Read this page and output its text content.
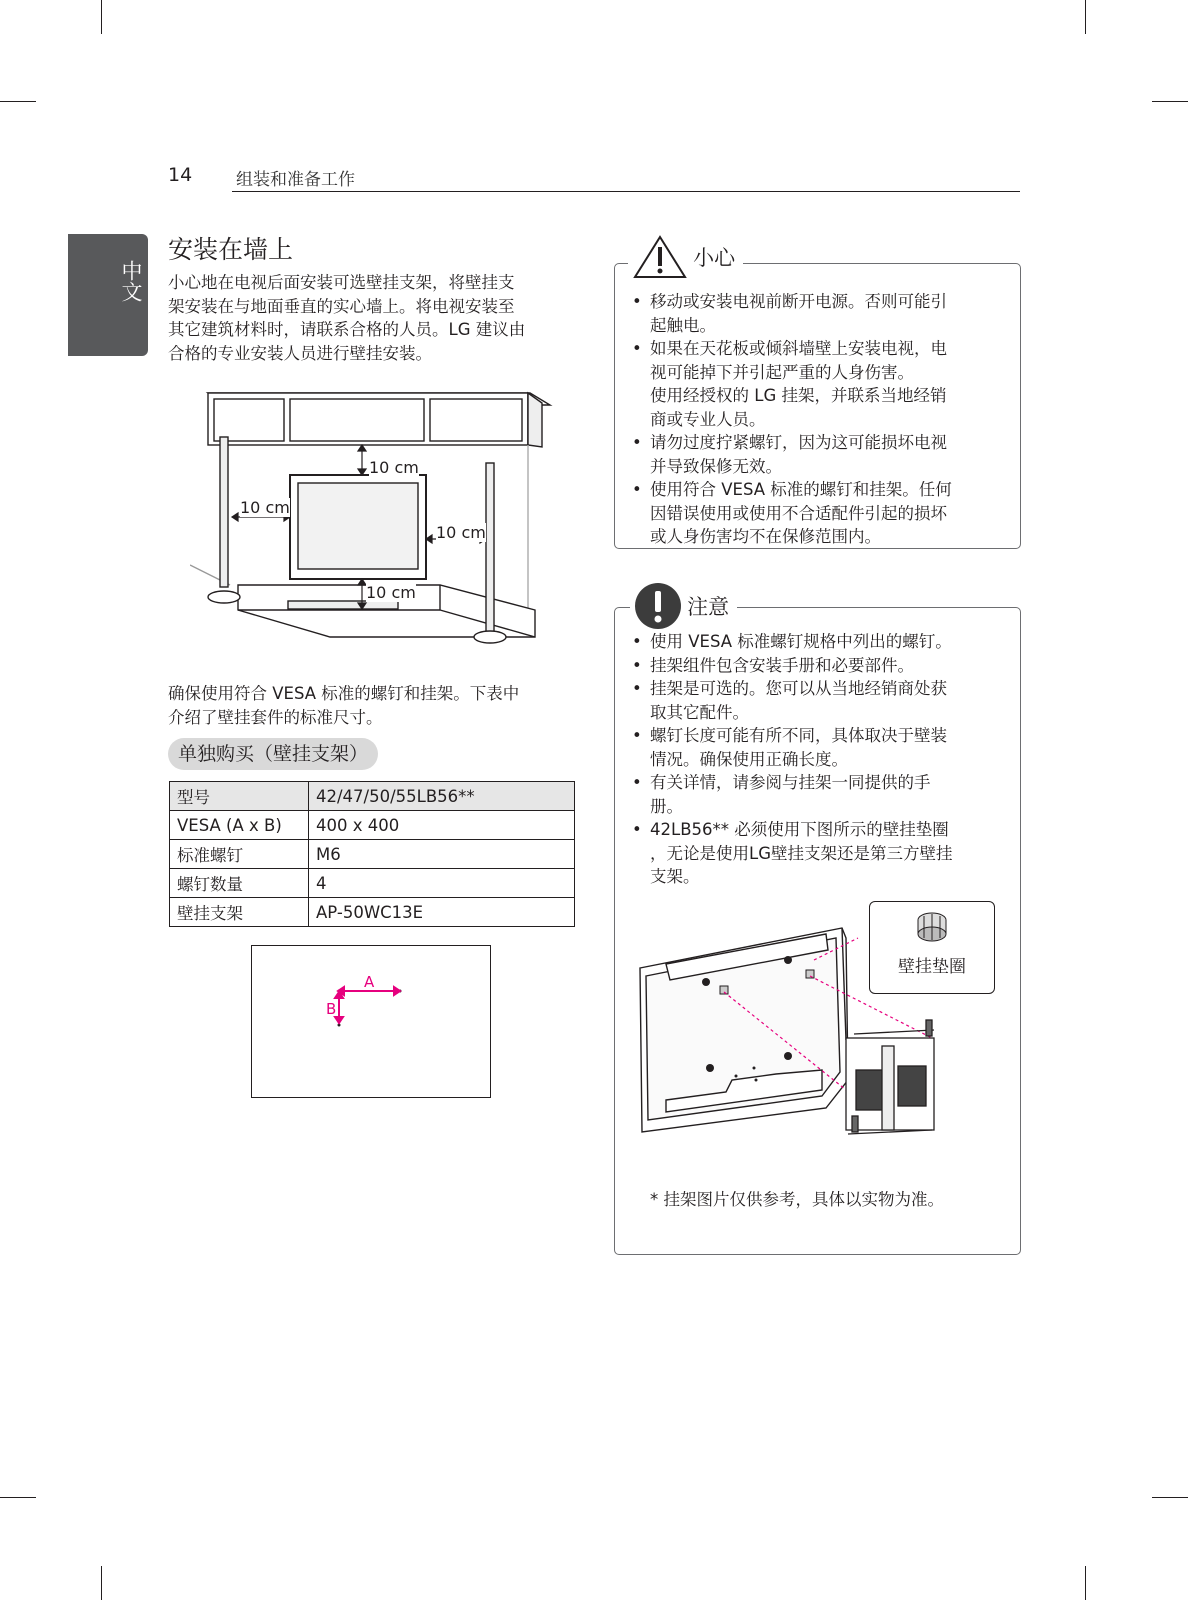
14	组装和准备工作
中文
安装在墙上
小心地在电视后面安装可选壁挂支架，将壁挂支
架安装在与地面垂直的实心墙上。将电视安装至
其它建筑材料时，请联系合格的人员。LG 建议由
合格的专业安装人员进行壁挂安装。
10 cm
10 cm
10 cm
10 cm
确保使用符合 VESA 标准的螺钉和挂架。下表中
介绍了壁挂套件的标准尺寸。
单独购买（壁挂支架）
型号	42/47/50/55LB56**
VESA (A x B)	400 x 400
标准螺钉	M6
螺钉数量	4
壁挂支架	AP-50WC13E
A
B
小心
• 移动或安装电视前断开电源。否则可能引
起触电。
• 如果在天花板或倾斜墙壁上安装电视，电
视可能掉下并引起严重的人身伤害。
使用经授权的 LG 挂架，并联系当地经销
商或专业人员。
• 请勿过度拧紧螺钉，因为这可能损坏电视
并导致保修无效。
• 使用符合 VESA 标准的螺钉和挂架。任何
因错误使用或使用不合适配件引起的损坏
或人身伤害均不在保修范围内。
注意
• 使用 VESA 标准螺钉规格中列出的螺钉。
• 挂架组件包含安装手册和必要部件。
• 挂架是可选的。您可以从当地经销商处获
取其它配件。
• 螺钉长度可能有所不同，具体取决于壁装
情况。确保使用正确长度。
• 有关详情，请参阅与挂架一同提供的手
册。
• 42LB56** 必须使用下图所示的壁挂垫圈
，无论是使用LG壁挂支架还是第三方壁挂
支架。
壁挂垫圈
* 挂架图片仅供参考，具体以实物为准。
